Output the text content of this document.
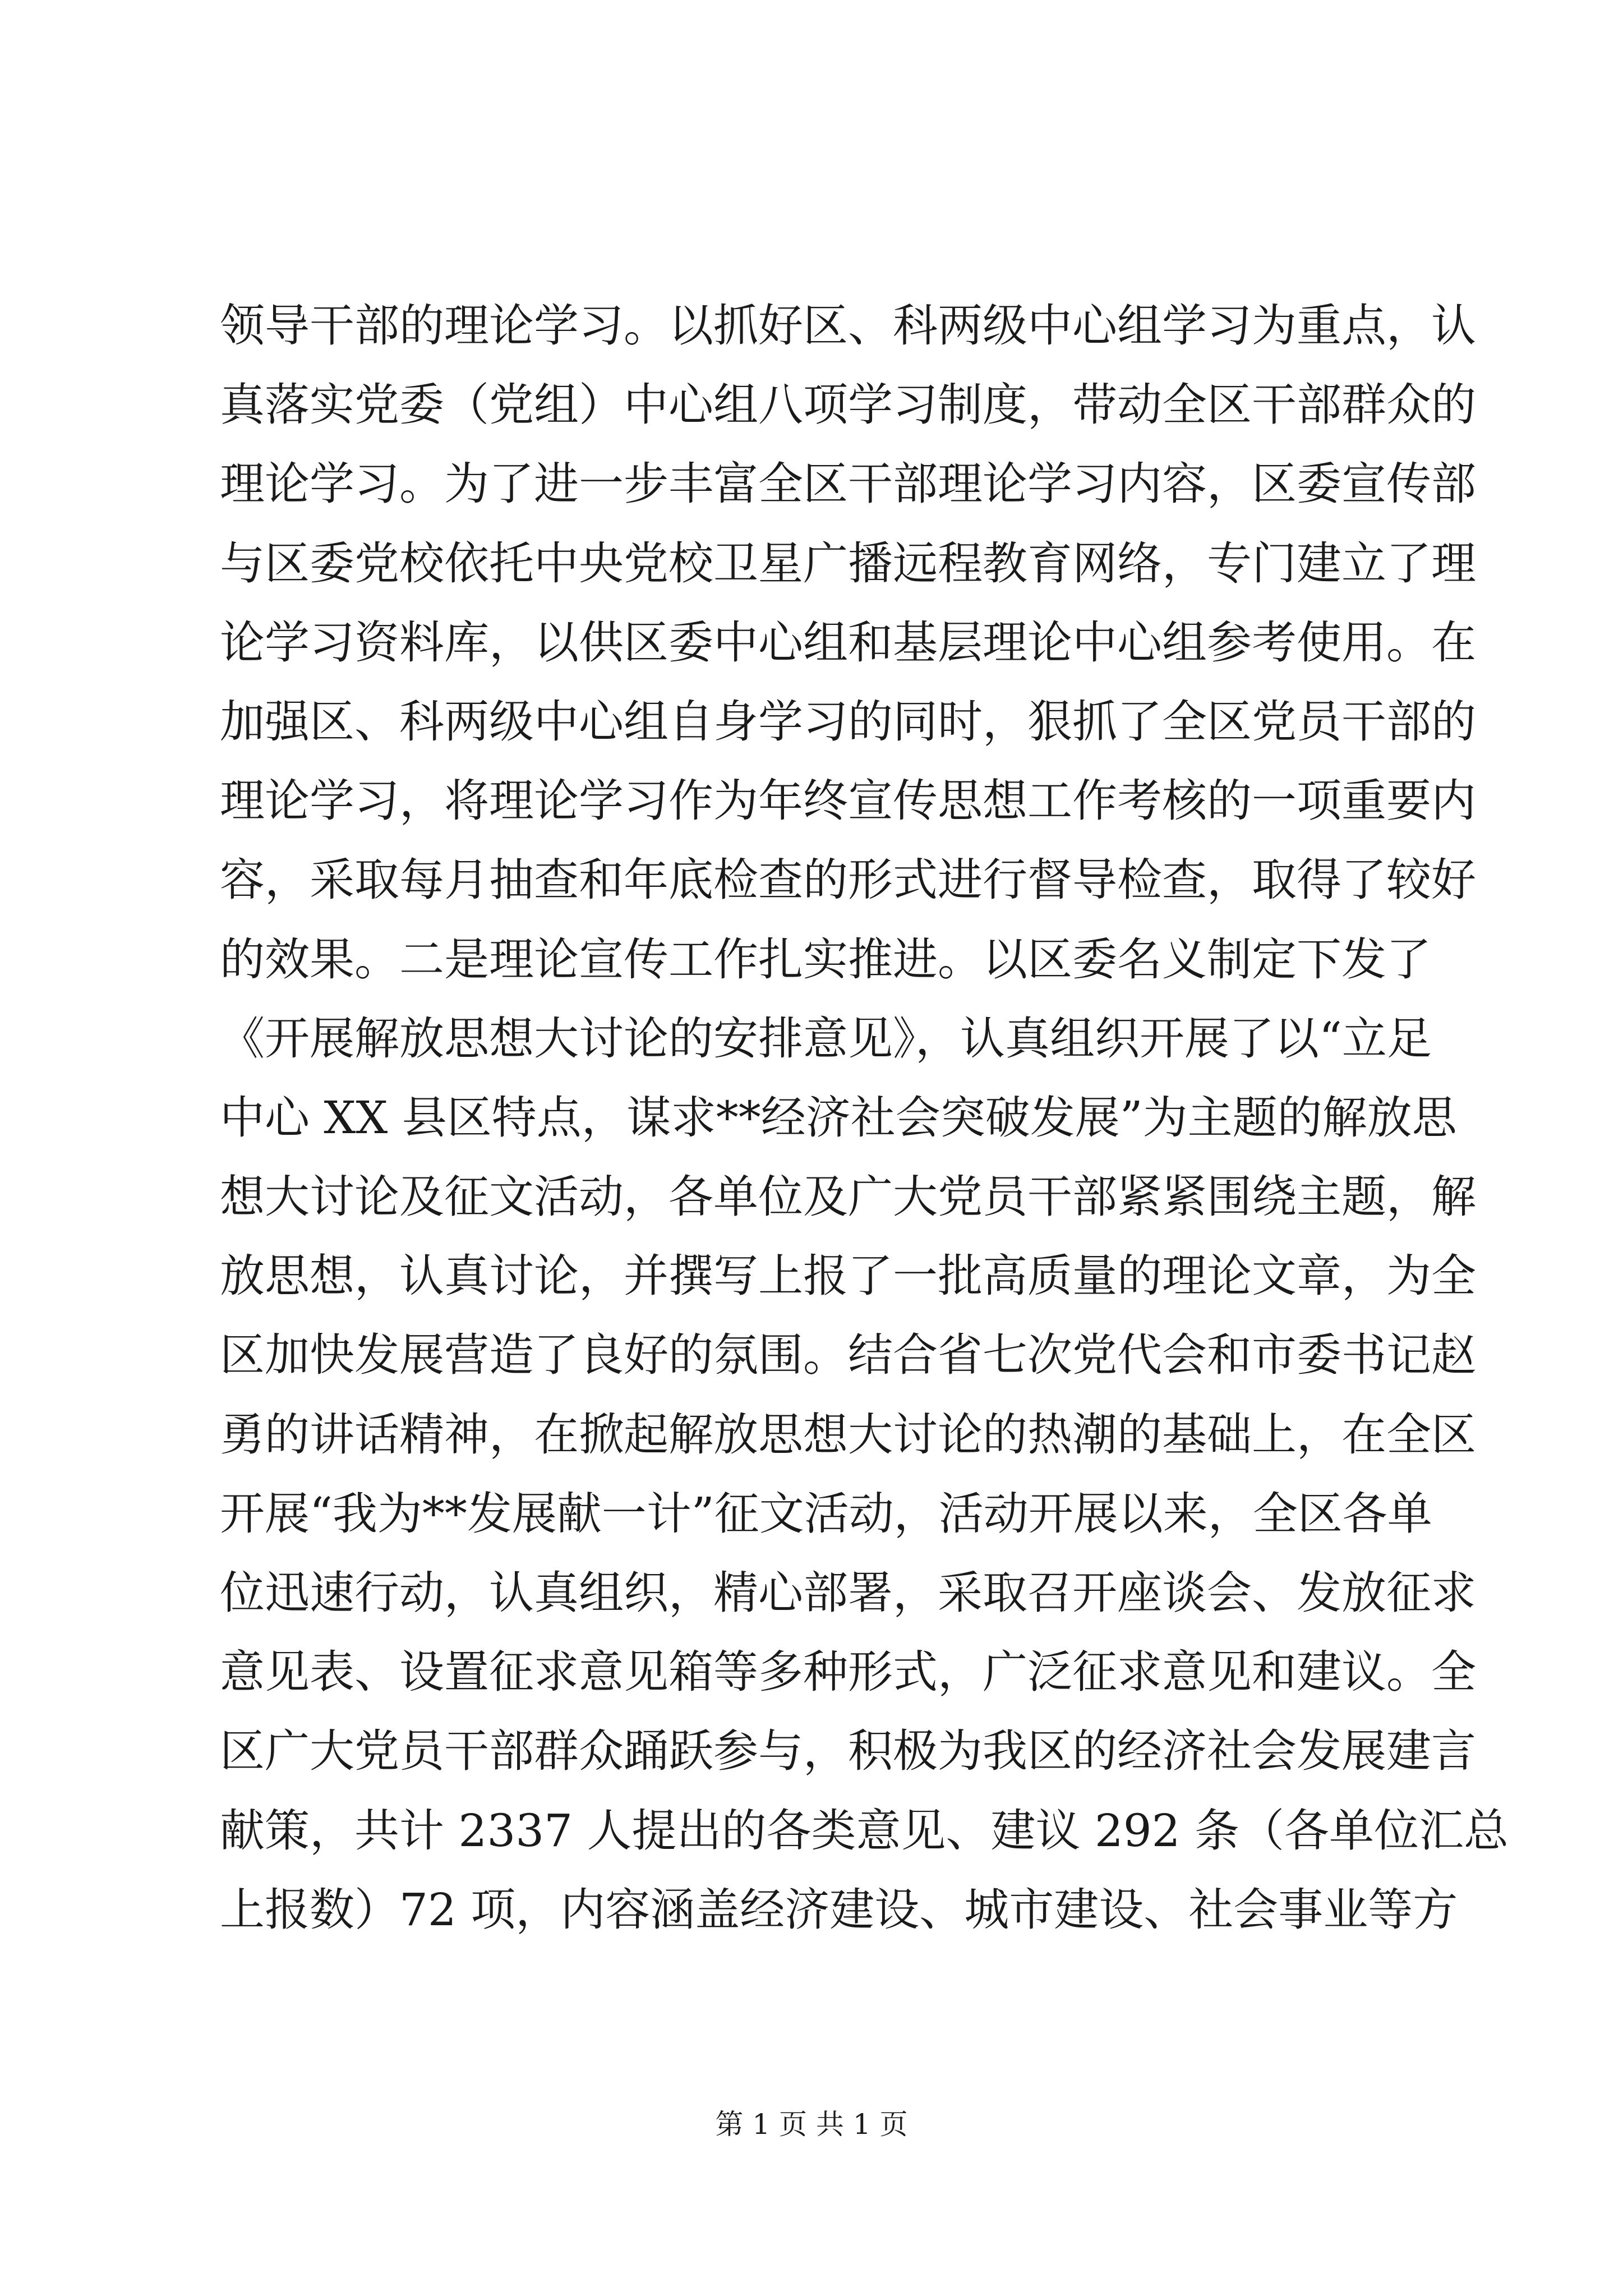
领导干部的理论学习。以抓好区、科两级中心组学习为重点，认
真落实党委（党组）中心组八项学习制度，带动全区干部群众的
理论学习。为了进一步丰富全区干部理论学习内容，区委宣传部
与区委党校依托中央党校卫星广播远程教育网络，专门建立了理
论学习资料库，以供区委中心组和基层理论中心组参考使用。在
加强区、科两级中心组自身学习的同时，狠抓了全区党员干部的
理论学习，将理论学习作为年终宣传思想工作考核的一项重要内
容，采取每月抽查和年底检查的形式进行督导检查，取得了较好
的效果。二是理论宣传工作扎实推进。以区委名义制定下发了
《开展解放思想大讨论的安排意见》，认真组织开展了以“立足
中心 XX 县区特点，谋求**经济社会突破发展”为主题的解放思
想大讨论及征文活动，各单位及广大党员干部紧紧围绕主题，解
放思想，认真讨论，并撰写上报了一批高质量的理论文章，为全
区加快发展营造了良好的氛围。结合省七次党代会和市委书记赵
勇的讲话精神，在掀起解放思想大讨论的热潮的基础上，在全区
开展“我为**发展献一计”征文活动，活动开展以来，全区各单
位迅速行动，认真组织，精心部署，采取召开座谈会、发放征求
意见表、设置征求意见箱等多种形式，广泛征求意见和建议。全
区广大党员干部群众踊跃参与，积极为我区的经济社会发展建言
献策，共计 2337 人提出的各类意见、建议 292 条（各单位汇总
上报数）72 项，内容涵盖经济建设、城市建设、社会事业等方
第 1 页 共 1 页
